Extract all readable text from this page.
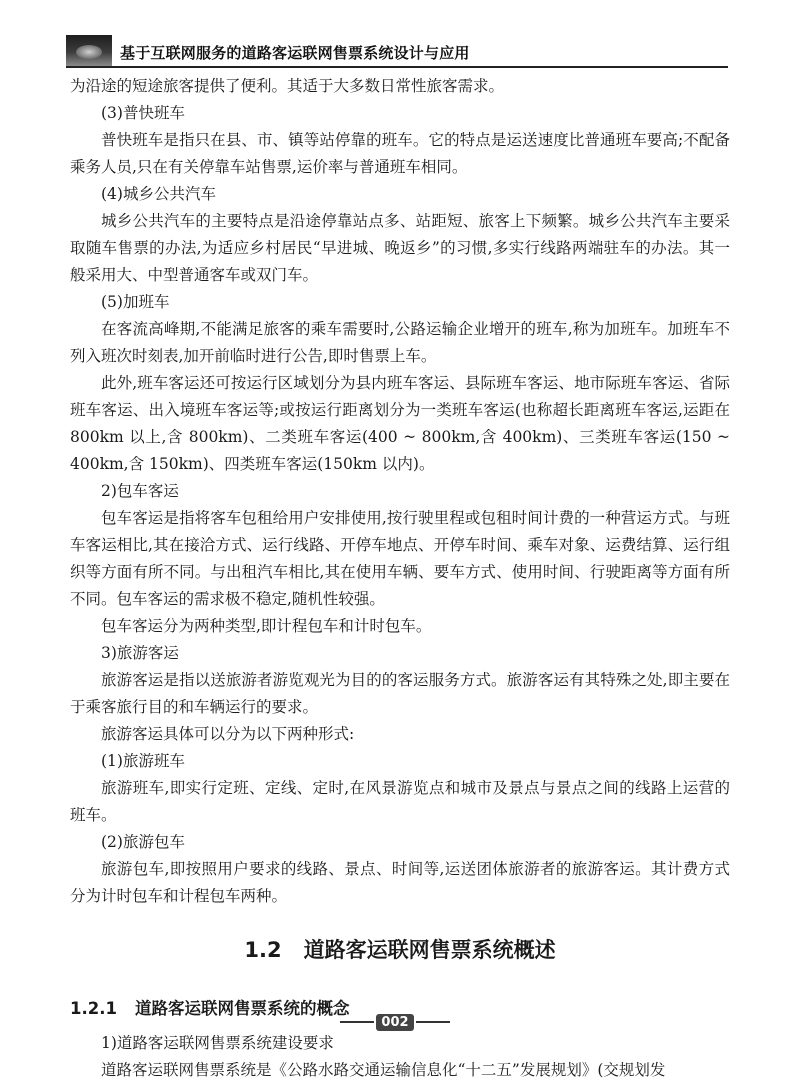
基于互联网服务的道路客运联网售票系统设计与应用

为沿途的短途旅客提供了便利。其适于大多数日常性旅客需求。

(3)普快班车

普快班车是指只在县、市、镇等站停靠的班车。它的特点是运送速度比普通班车要高;不配备乘务人员,只在有关停靠车站售票,运价率与普通班车相同。

(4)城乡公共汽车

城乡公共汽车的主要特点是沿途停靠站点多、站距短、旅客上下频繁。城乡公共汽车主要采取随车售票的办法,为适应乡村居民“早进城、晚返乡”的习惯,多实行线路两端驻车的办法。其一般采用大、中型普通客车或双门车。

(5)加班车

在客流高峰期,不能满足旅客的乘车需要时,公路运输企业增开的班车,称为加班车。加班车不列入班次时刻表,加开前临时进行公告,即时售票上车。

此外,班车客运还可按运行区域划分为县内班车客运、县际班车客运、地市际班车客运、省际班车客运、出入境班车客运等;或按运行距离划分为一类班车客运(也称超长距离班车客运,运距在 800km 以上,含 800km)、二类班车客运(400 ~ 800km,含 400km)、三类班车客运(150 ~ 400km,含 150km)、四类班车客运(150km 以内)。

2)包车客运

包车客运是指将客车包租给用户安排使用,按行驶里程或包租时间计费的一种营运方式。与班车客运相比,其在接洽方式、运行线路、开停车地点、开停车时间、乘车对象、运费结算、运行组织等方面有所不同。与出租汽车相比,其在使用车辆、要车方式、使用时间、行驶距离等方面有所不同。包车客运的需求极不稳定,随机性较强。

包车客运分为两种类型,即计程包车和计时包车。

3)旅游客运

旅游客运是指以送旅游者游览观光为目的的客运服务方式。旅游客运有其特殊之处,即主要在于乘客旅行目的和车辆运行的要求。

旅游客运具体可以分为以下两种形式:

(1)旅游班车

旅游班车,即实行定班、定线、定时,在风景游览点和城市及景点与景点之间的线路上运营的班车。

(2)旅游包车

旅游包车,即按照用户要求的线路、景点、时间等,运送团体旅游者的旅游客运。其计费方式分为计时包车和计程包车两种。

1.2 道路客运联网售票系统概述
1.2.1 道路客运联网售票系统的概念

1)道路客运联网售票系统建设要求

道路客运联网售票系统是《公路水路交通运输信息化“十二五”发展规划》(交规划发

002
